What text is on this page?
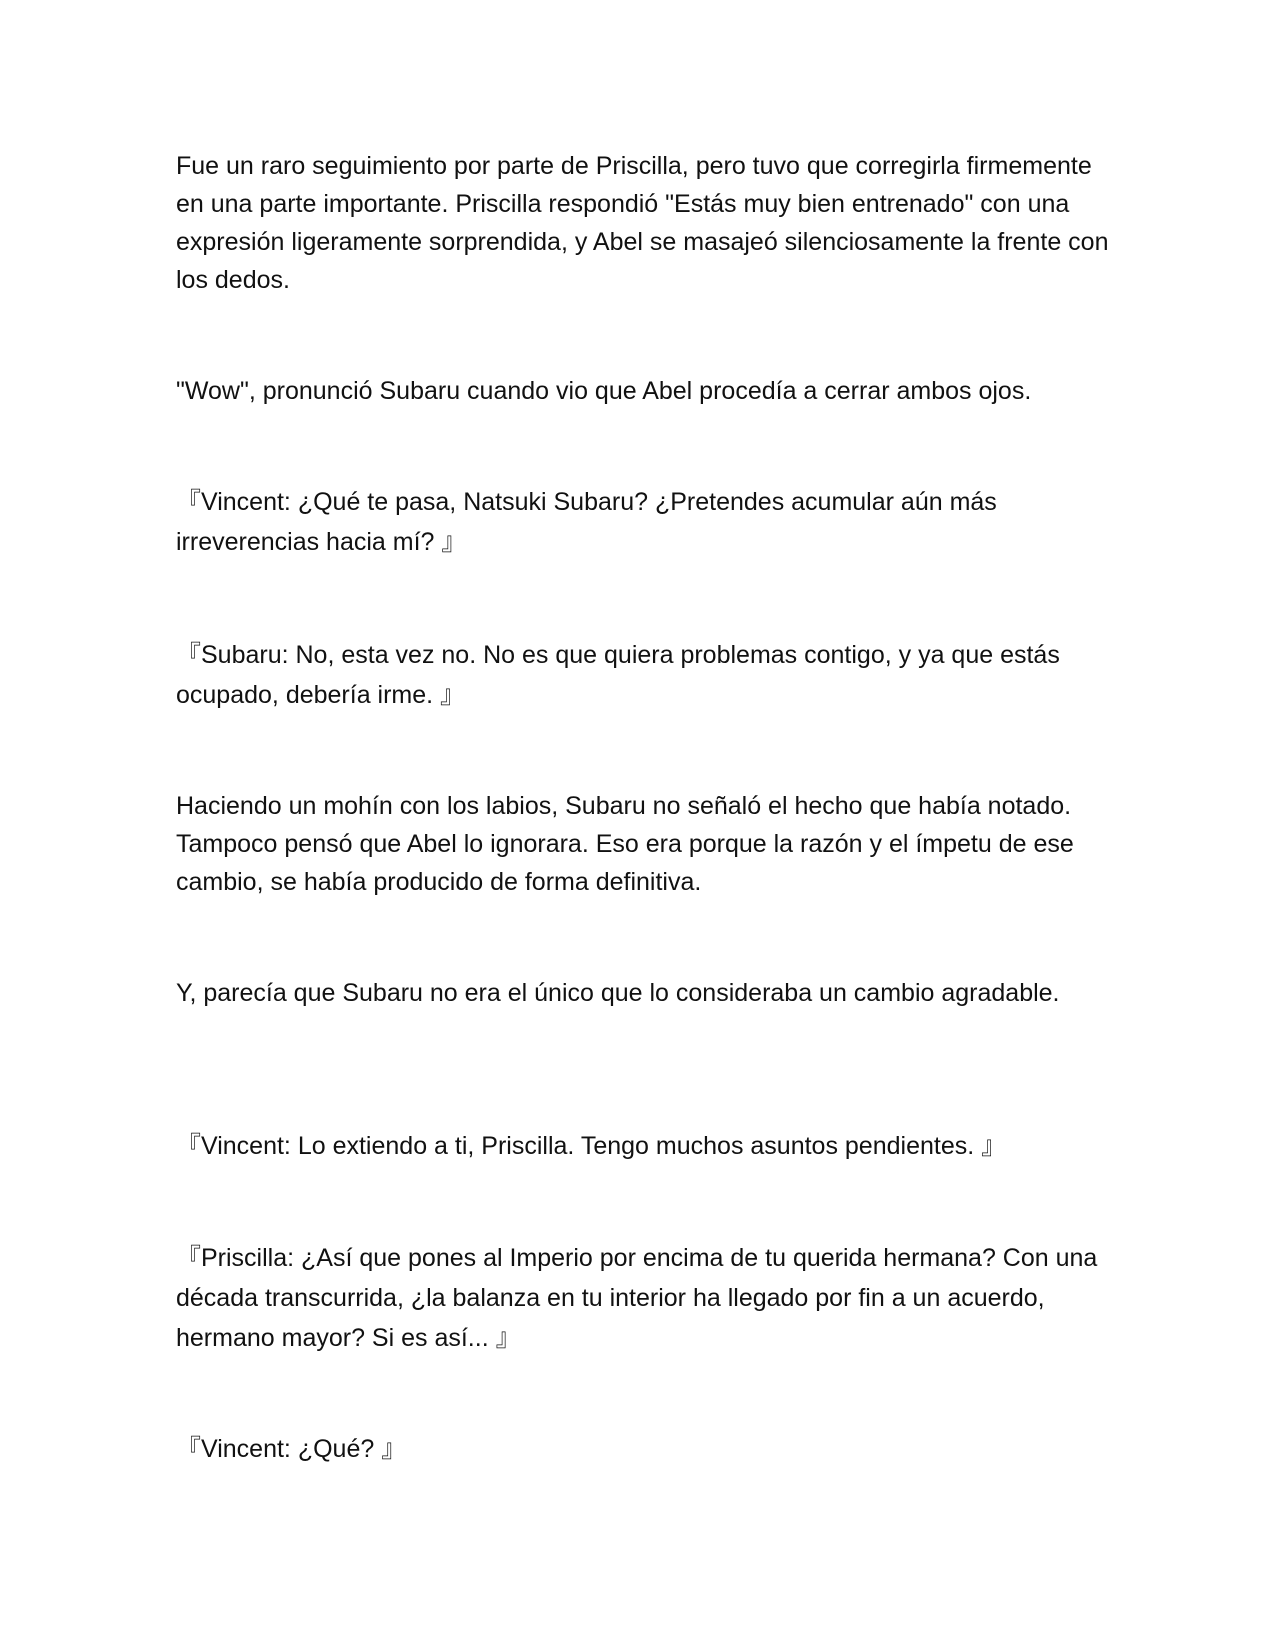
Fue un raro seguimiento por parte de Priscilla, pero tuvo que corregirla firmemente en una parte importante. Priscilla respondió "Estás muy bien entrenado" con una expresión ligeramente sorprendida, y Abel se masajeó silenciosamente la frente con los dedos.

"Wow", pronunció Subaru cuando vio que Abel procedía a cerrar ambos ojos.

『Vincent: ¿Qué te pasa, Natsuki Subaru? ¿Pretendes acumular aún más irreverencias hacia mí? 』

『Subaru: No, esta vez no. No es que quiera problemas contigo, y ya que estás ocupado, debería irme. 』

Haciendo un mohín con los labios, Subaru no señaló el hecho que había notado. Tampoco pensó que Abel lo ignorara. Eso era porque la razón y el ímpetu de ese cambio, se había producido de forma definitiva.

Y, parecía que Subaru no era el único que lo consideraba un cambio agradable.

『Vincent: Lo extiendo a ti, Priscilla. Tengo muchos asuntos pendientes. 』

『Priscilla: ¿Así que pones al Imperio por encima de tu querida hermana? Con una década transcurrida, ¿la balanza en tu interior ha llegado por fin a un acuerdo, hermano mayor? Si es así... 』

『Vincent: ¿Qué? 』
